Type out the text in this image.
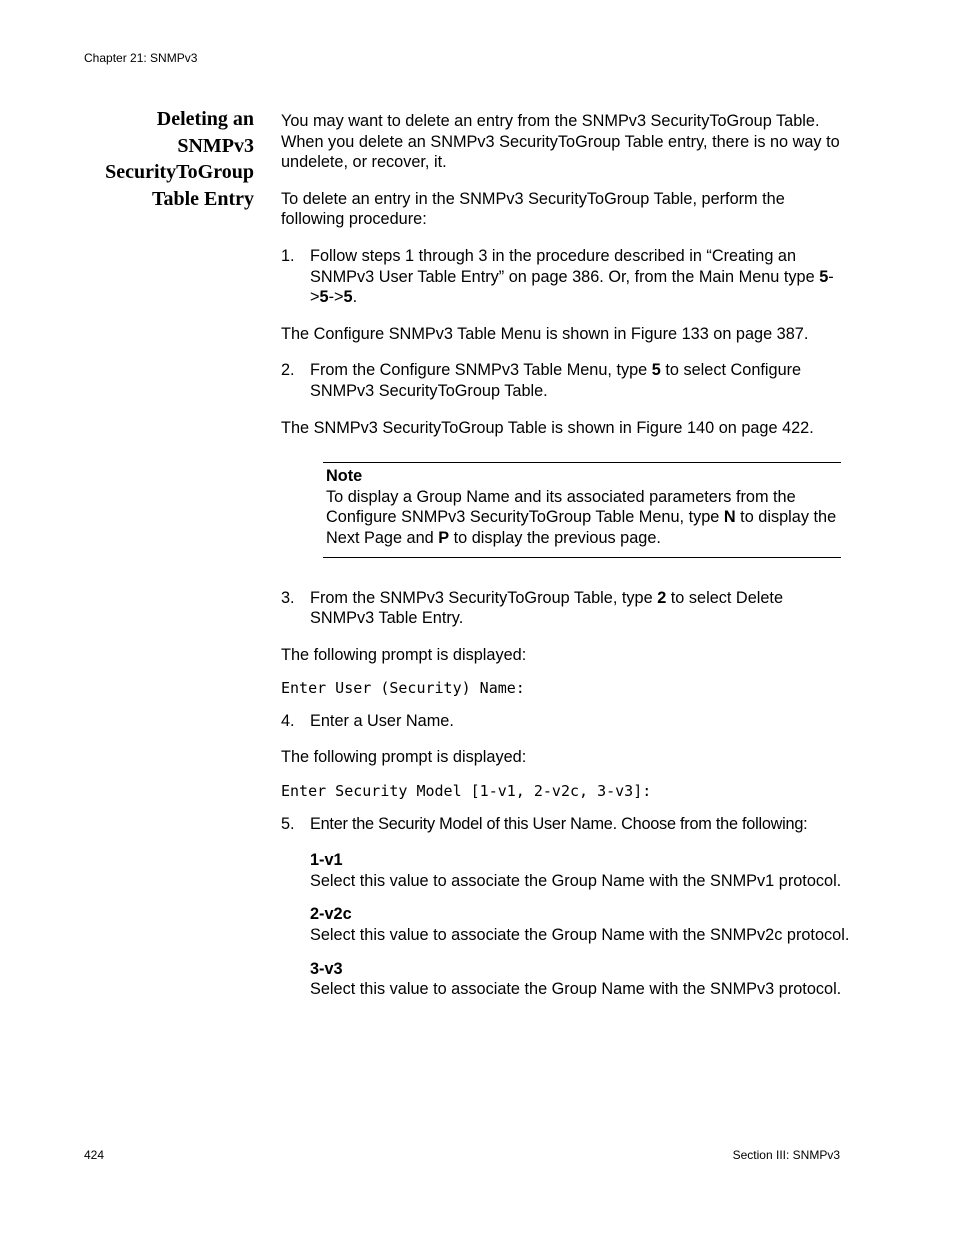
Chapter 21: SNMPv3
Deleting an
SNMPv3
SecurityToGroup
Table Entry

You may want to delete an entry from the SNMPv3 SecurityToGroup Table. When you delete an SNMPv3 SecurityToGroup Table entry, there is no way to undelete, or recover, it.

To delete an entry in the SNMPv3 SecurityToGroup Table, perform the following procedure:

1. Follow steps 1 through 3 in the procedure described in “Creating an SNMPv3 User Table Entry” on page 386. Or, from the Main Menu type 5->5->5.

The Configure SNMPv3 Table Menu is shown in Figure 133 on page 387.

2. From the Configure SNMPv3 Table Menu, type 5 to select Configure SNMPv3 SecurityToGroup Table.

The SNMPv3 SecurityToGroup Table is shown in Figure 140 on page 422.

Note

To display a Group Name and its associated parameters from the Configure SNMPv3 SecurityToGroup Table Menu, type N to display the Next Page and P to display the previous page.

3. From the SNMPv3 SecurityToGroup Table, type 2 to select Delete SNMPv3 Table Entry.

The following prompt is displayed:

Enter User (Security) Name:

4. Enter a User Name.

The following prompt is displayed:

Enter Security Model [1-v1, 2-v2c, 3-v3]:

5. Enter the Security Model of this User Name. Choose from the following:

1-v1
Select this value to associate the Group Name with the SNMPv1 protocol.
2-v2c
Select this value to associate the Group Name with the SNMPv2c protocol.
3-v3
Select this value to associate the Group Name with the SNMPv3 protocol.
424	Section III: SNMPv3
